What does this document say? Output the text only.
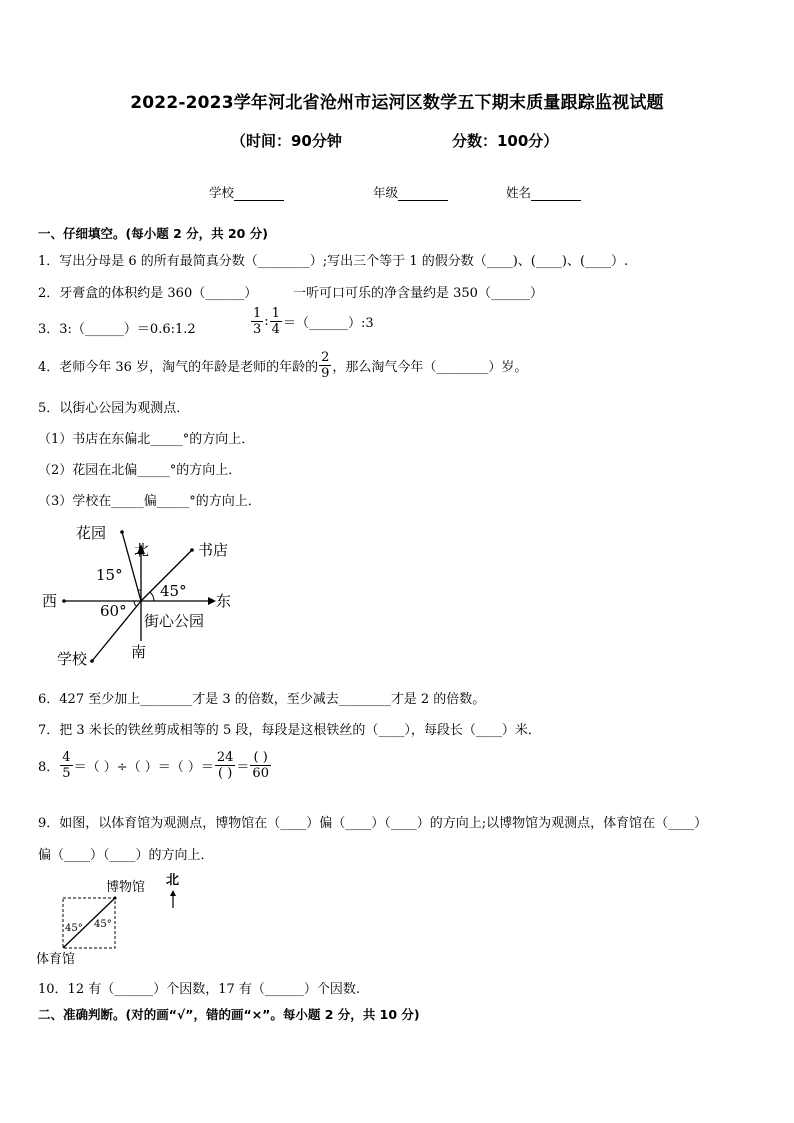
2022-2023学年河北省沧州市运河区数学五下期末质量跟踪监视试题
（时间：90分钟	分数：100分）
学校	年级	姓名
一、仔细填空。(每小题 2 分，共 20 分)
1．写出分母是 6 的所有最简真分数（________）;写出三个等于 1 的假分数（____)、(____)、(____）.
2．牙膏盒的体积约是 360（______）	一听可口可乐的净含量约是 350（______）
3．3:（______）＝0.6:1.2	$\frac{1}{3}$ : $\frac{1}{4}$ ＝（______）:3
4．老师今年 36 岁，淘气的年龄是老师的年龄的 $\frac{2}{9}$ ，那么淘气今年（________）岁。
5．以街心公园为观测点．
（1）书店在东偏北_____°的方向上．
（2）花园在北偏_____°的方向上．
（3）学校在_____偏_____°的方向上．
花园
北	书店
15°
45°
西	东
60°
街心公园
学校	南
6．427 至少加上________才是 3 的倍数，至少减去________才是 2 的倍数。
7．把 3 米长的铁丝剪成相等的 5 段，每段是这根铁丝的（____），每段长（____）米．
8． $\frac{4}{5}$ ＝（ ）÷（ ）＝（ ）＝ $\frac{24}{( )} = \frac{( )}{60}$
9．如图，以体育馆为观测点，博物馆在（____）偏（____）（____）的方向上;以博物馆为观测点，体育馆在（____）
偏（____）（____）的方向上．
博物馆 北
45° 45°
体育馆
10．12 有（______）个因数，17 有（______）个因数.
二、准确判断。(对的画“√”，错的画“×”。每小题 2 分，共 10 分)
